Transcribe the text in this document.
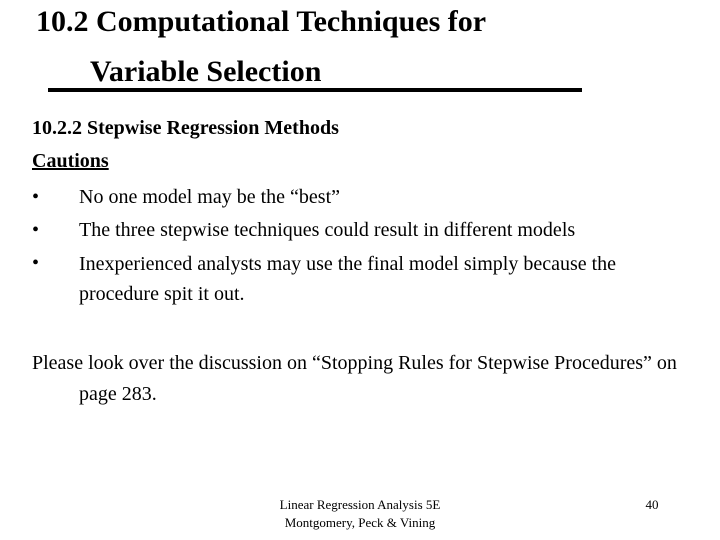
10.2 Computational Techniques for
Variable Selection
10.2.2 Stepwise Regression Methods
Cautions
• No one model may be the “best”
• The three stepwise techniques could result in different models
• Inexperienced analysts may use the final model simply because the procedure spit it out.
Please look over the discussion on “Stopping Rules for Stepwise Procedures” on page 283.
Linear Regression Analysis 5E
Montgomery, Peck & Vining
40
